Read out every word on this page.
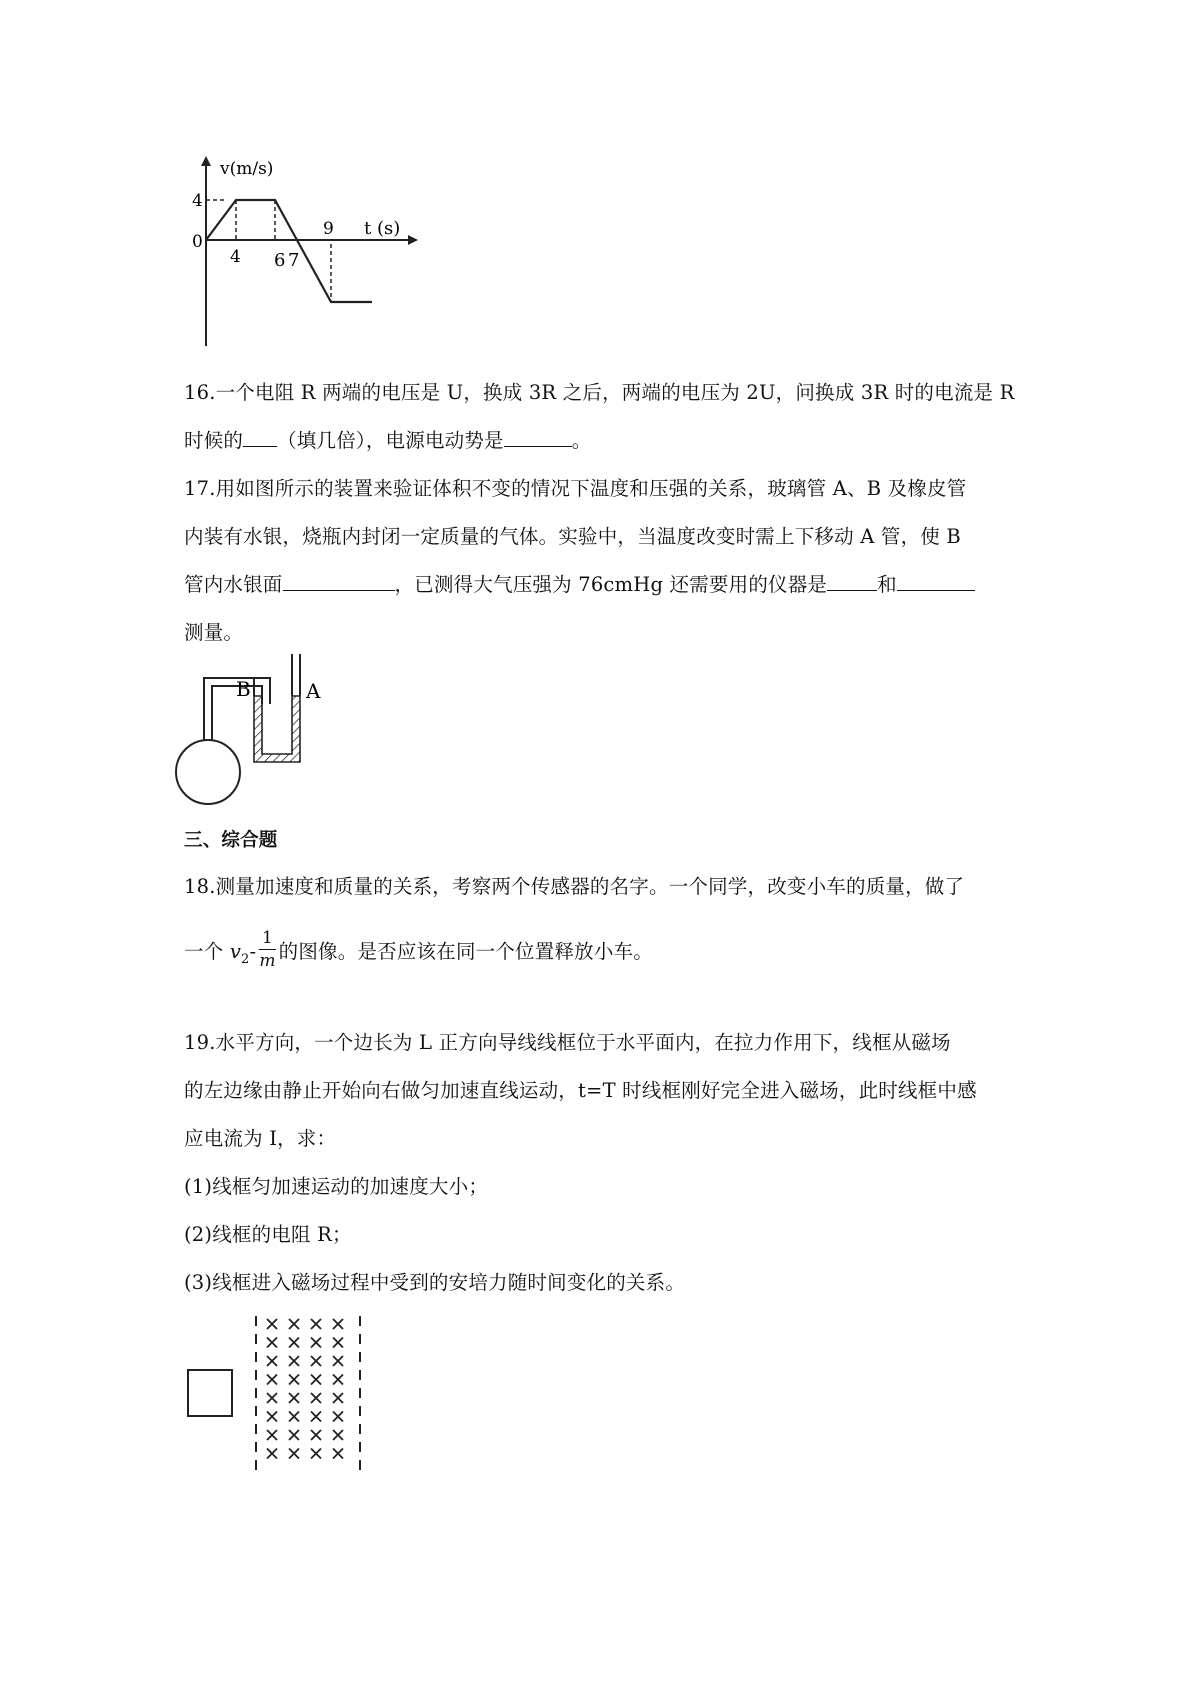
v(m/s)
t (s)
4
0
4 6 7
9
16.一个电阻 R 两端的电压是 U，换成 3R 之后，两端的电压为 2U，问换成 3R 时的电流是 R
时候的 （填几倍），电源电动势是	。
17.用如图所示的装置来验证体积不变的情况下温度和压强的关系，玻璃管 A、B 及橡皮管
内装有水银，烧瓶内封闭一定质量的气体。实验中，当温度改变时需上下移动 A 管，使 B
管内水银面	，已测得大气压强为 76cmHg 还需要用的仪器是	和
测量。
B	A
三、综合题
18.测量加速度和质量的关系，考察两个传感器的名字。一个同学，改变小车的质量，做了
一个 $v_2- \frac{1}{m}$ 的图像。是否应该在同一个位置释放小车。
19.水平方向，一个边长为 L 正方向导线线框位于水平面内，在拉力作用下，线框从磁场
的左边缘由静止开始向右做匀加速直线运动，t=T 时线框刚好完全进入磁场，此时线框中感
应电流为 I，求：
(1)线框匀加速运动的加速度大小；
(2)线框的电阻 R；
(3)线框进入磁场过程中受到的安培力随时间变化的关系。
